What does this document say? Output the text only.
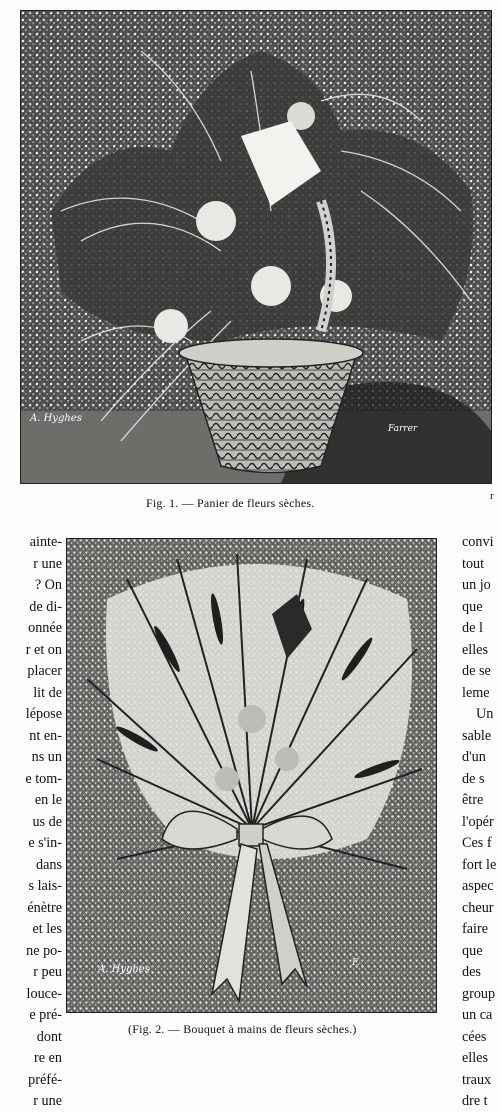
A. Hyghes
Farrer
Fig. 1. — Panier de fleurs sèches.	r
A. Hyghes
F.
(Fig. 2. — Bouquet à mains de fleurs sèches.)
ainte-
r une
? On
de di-
onnée
r et on
placer
lit de
lépose
nt en-
ns un
e tom-
en le
us de
e s'in-
dans
s lais-
énètre
et les
ne po-
r peu
louce-
e pré-
dont
re en
préfé-
r une
convi
tout
un jo
que
de l
elles
de se
leme
Un
sable
d'un
de s
être
l'opér
Ces f
fort le
aspec
cheur
faire
que
des
group
un ca
cées
elles
traux
dre t
